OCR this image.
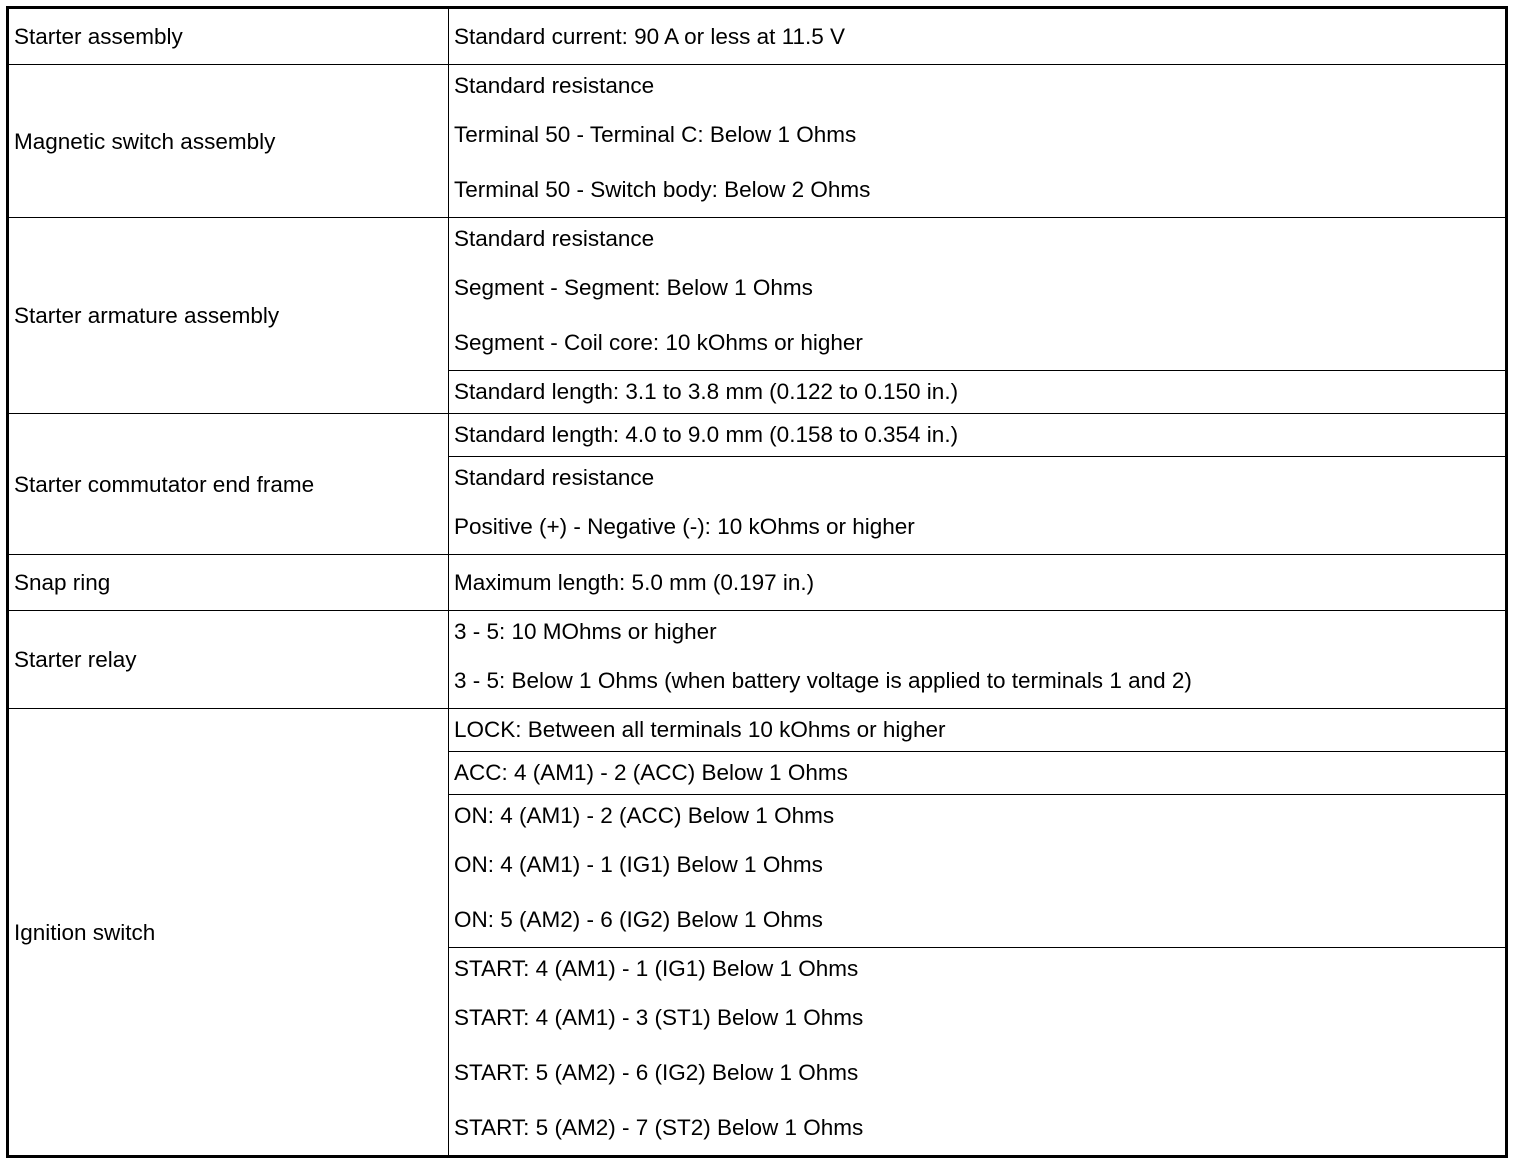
Starter assembly	Standard current: 90 A or less at 11.5 V

Magnetic switch assembly	Standard resistance
Terminal 50 - Terminal C: Below 1 Ohms
Terminal 50 - Switch body: Below 2 Ohms

Starter armature assembly	Standard resistance
Segment - Segment: Below 1 Ohms
Segment - Coil core: 10 kOhms or higher

	Standard length: 3.1 to 3.8 mm (0.122 to 0.150 in.)

Starter commutator end frame	Standard length: 4.0 to 9.0 mm (0.158 to 0.354 in.)

	Standard resistance
Positive (+) - Negative (-): 10 kOhms or higher

Snap ring	Maximum length: 5.0 mm (0.197 in.)

Starter relay	3 - 5: 10 MOhms or higher
3 - 5: Below 1 Ohms (when battery voltage is applied to terminals 1 and 2)

Ignition switch	LOCK: Between all terminals 10 kOhms or higher

	ACC: 4 (AM1) - 2 (ACC) Below 1 Ohms

	ON: 4 (AM1) - 2 (ACC) Below 1 Ohms
ON: 4 (AM1) - 1 (IG1) Below 1 Ohms
ON: 5 (AM2) - 6 (IG2) Below 1 Ohms

	START: 4 (AM1) - 1 (IG1) Below 1 Ohms
START: 4 (AM1) - 3 (ST1) Below 1 Ohms
START: 5 (AM2) - 6 (IG2) Below 1 Ohms
START: 5 (AM2) - 7 (ST2) Below 1 Ohms
